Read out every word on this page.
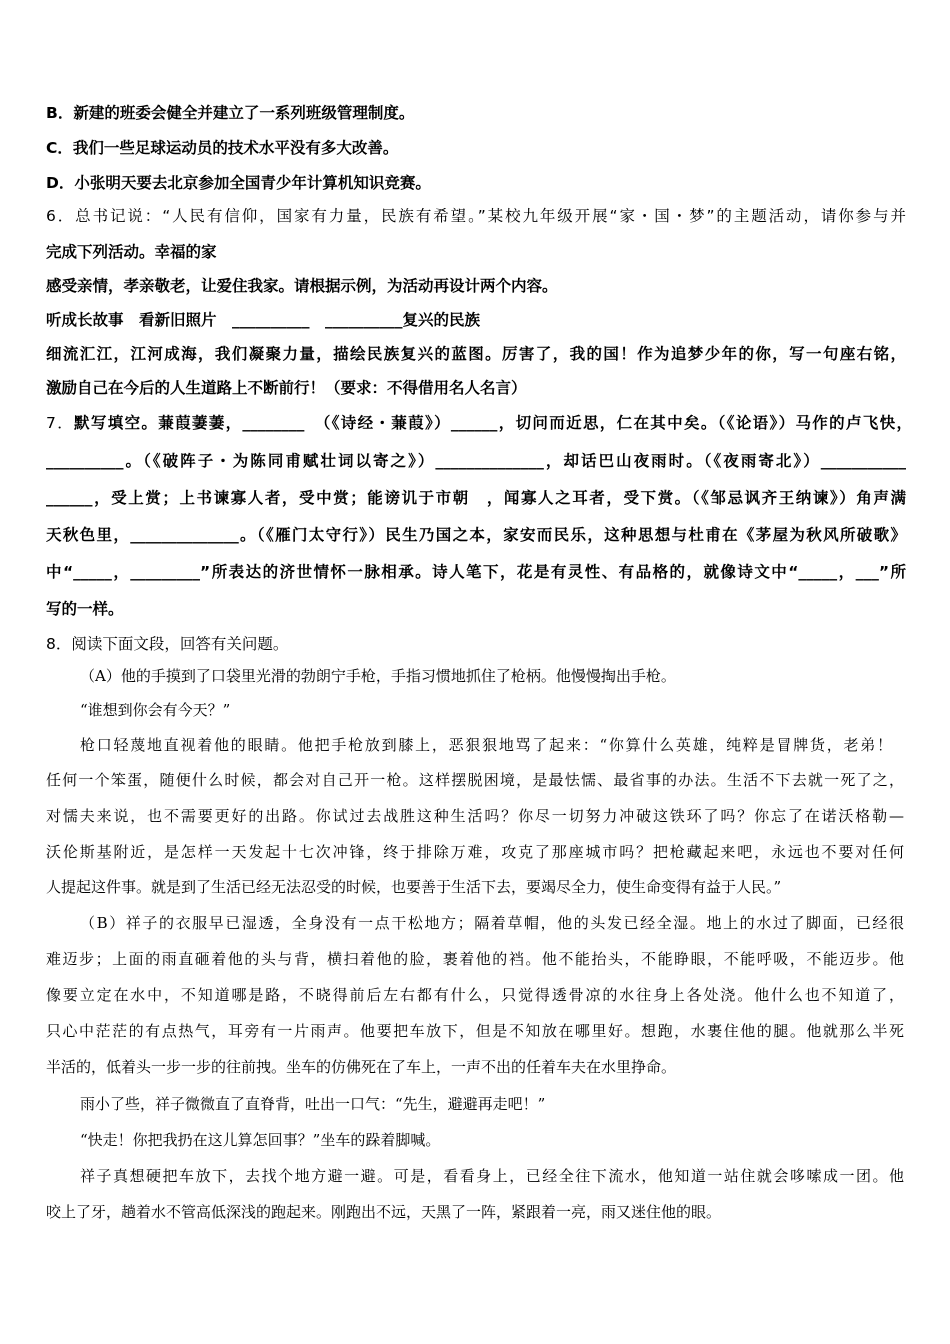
B．新建的班委会健全并建立了一系列班级管理制度。
C．我们一些足球运动员的技术水平没有多大改善。
D．小张明天要去北京参加全国青少年计算机知识竞赛。
6．总书记说：“人民有信仰，国家有力量，民族有希望。”某校九年级开展“家・国・梦”的主题活动，请你参与并
完成下列活动。幸福的家
感受亲情，孝亲敬老，让爱住我家。请根据示例，为活动再设计两个内容。
听成长故事　看新旧照片　__________　__________复兴的民族
细流汇江，江河成海，我们凝聚力量，描绘民族复兴的蓝图。厉害了，我的国！作为追梦少年的你，写一句座右铭，
激励自己在今后的人生道路上不断前行！（要求：不得借用名人名言）
7．默写填空。蒹葭萋萋，________　（《诗经・蒹葭》）______，切问而近思，仁在其中矣。（《论语》）马作的卢飞快，
__________。（《破阵子・为陈同甫赋壮词以寄之》）______________，却话巴山夜雨时。（《夜雨寄北》）___________
______，受上赏；上书谏寡人者，受中赏；能谤讥于市朝　，闻寡人之耳者，受下赏。（《邹忌讽齐王纳谏》）角声满
天秋色里，______________。（《雁门太守行》）民生乃国之本，家安而民乐，这种思想与杜甫在《茅屋为秋风所破歌》
中“_____，_________”所表达的济世情怀一脉相承。诗人笔下，花是有灵性、有品格的，就像诗文中“_____，___”所
写的一样。
8．阅读下面文段，回答有关问题。
（A）他的手摸到了口袋里光滑的勃朗宁手枪，手指习惯地抓住了枪柄。他慢慢掏出手枪。
“谁想到你会有今天？”
枪口轻蔑地直视着他的眼睛。他把手枪放到膝上，恶狠狠地骂了起来：“你算什么英雄，纯粹是冒牌货，老弟！
任何一个笨蛋，随便什么时候，都会对自己开一枪。这样摆脱困境，是最怯懦、最省事的办法。生活不下去就一死了之，
对懦夫来说，也不需要更好的出路。你试过去战胜这种生活吗？你尽一切努力冲破这铁环了吗？你忘了在诺沃格勒—
沃伦斯基附近，是怎样一天发起十七次冲锋，终于排除万难，攻克了那座城市吗？把枪藏起来吧，永远也不要对任何
人提起这件事。就是到了生活已经无法忍受的时候，也要善于生活下去，要竭尽全力，使生命变得有益于人民。”
（B）祥子的衣服早已湿透，全身没有一点干松地方；隔着草帽，他的头发已经全湿。地上的水过了脚面，已经很
难迈步；上面的雨直砸着他的头与背，横扫着他的脸，裹着他的裆。他不能抬头，不能睁眼，不能呼吸，不能迈步。他
像要立定在水中，不知道哪是路，不晓得前后左右都有什么，只觉得透骨凉的水往身上各处浇。他什么也不知道了，
只心中茫茫的有点热气，耳旁有一片雨声。他要把车放下，但是不知放在哪里好。想跑，水裹住他的腿。他就那么半死
半活的，低着头一步一步的往前拽。坐车的仿佛死在了车上，一声不出的任着车夫在水里挣命。
雨小了些，祥子微微直了直脊背，吐出一口气：“先生，避避再走吧！”
“快走！你把我扔在这儿算怎回事？”坐车的跺着脚喊。
祥子真想硬把车放下，去找个地方避一避。可是，看看身上，已经全往下流水，他知道一站住就会哆嗦成一团。他
咬上了牙，趟着水不管高低深浅的跑起来。刚跑出不远，天黑了一阵，紧跟着一亮，雨又迷住他的眼。
